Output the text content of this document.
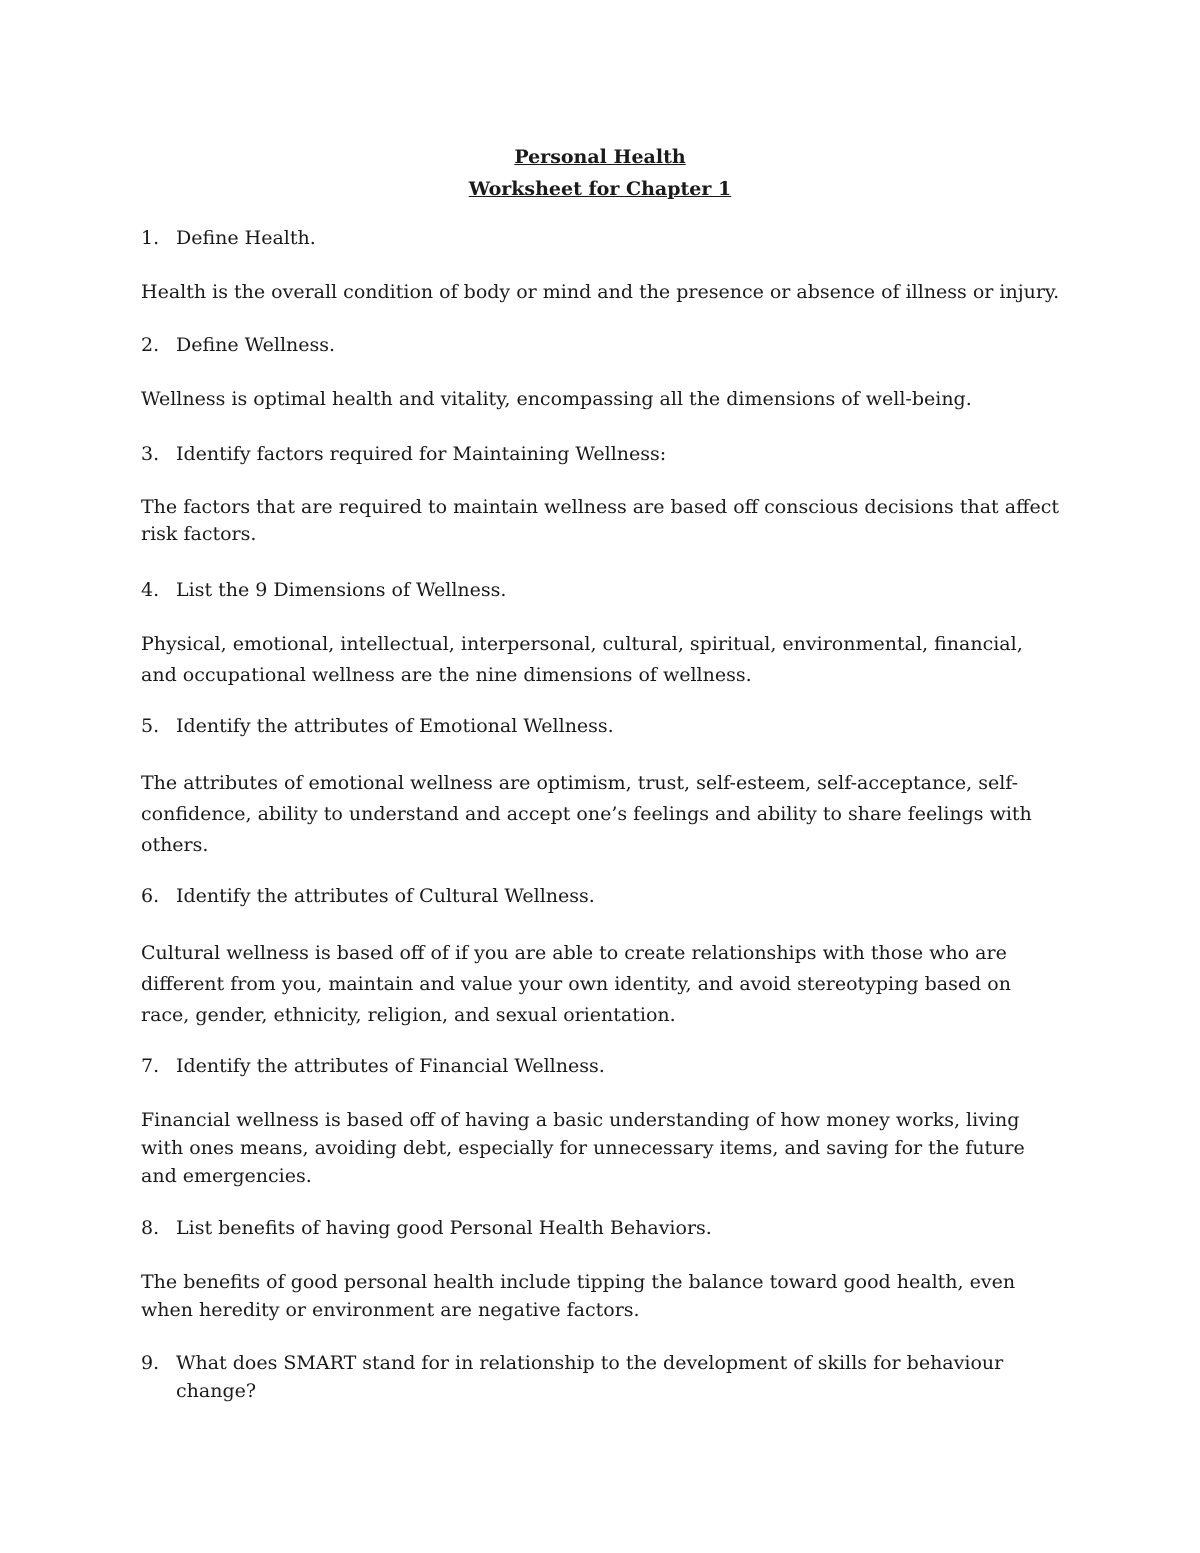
Personal Health
Worksheet for Chapter 1
1. Define Health.
Health is the overall condition of body or mind and the presence or absence of illness or injury.
2. Define Wellness.
Wellness is optimal health and vitality, encompassing all the dimensions of well-being.
3. Identify factors required for Maintaining Wellness:
The factors that are required to maintain wellness are based off conscious decisions that affect risk factors.
4. List the 9 Dimensions of Wellness.
Physical, emotional, intellectual, interpersonal, cultural, spiritual, environmental, financial, and occupational wellness are the nine dimensions of wellness.
5. Identify the attributes of Emotional Wellness.
The attributes of emotional wellness are optimism, trust, self-esteem, self-acceptance, self-confidence, ability to understand and accept one’s feelings and ability to share feelings with others.
6. Identify the attributes of Cultural Wellness.
Cultural wellness is based off of if you are able to create relationships with those who are different from you, maintain and value your own identity, and avoid stereotyping based on race, gender, ethnicity, religion, and sexual orientation.
7. Identify the attributes of Financial Wellness.
Financial wellness is based off of having a basic understanding of how money works, living with ones means, avoiding debt, especially for unnecessary items, and saving for the future and emergencies.
8. List benefits of having good Personal Health Behaviors.
The benefits of good personal health include tipping the balance toward good health, even when heredity or environment are negative factors.
9. What does SMART stand for in relationship to the development of skills for behaviour change?
